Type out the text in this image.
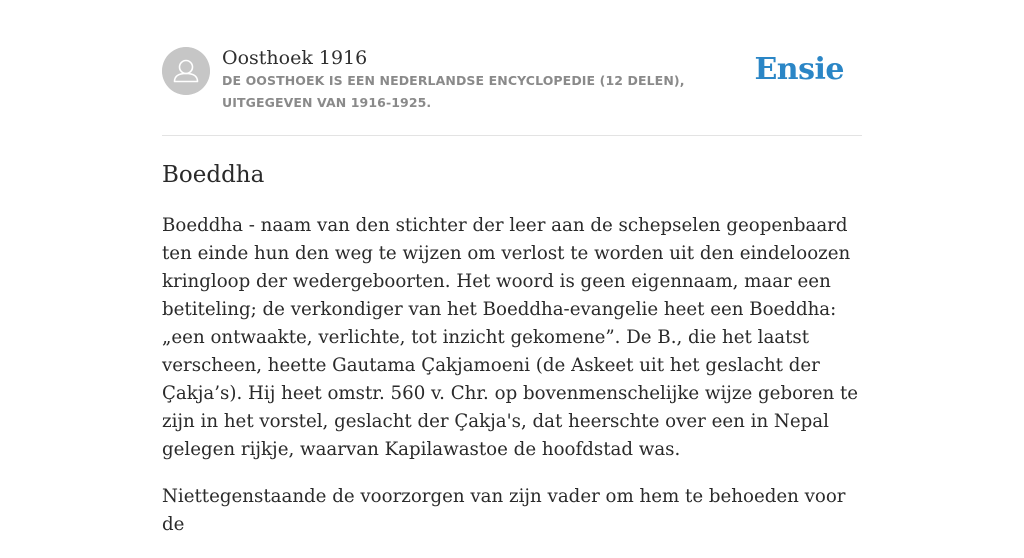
Oosthoek 1916
DE OOSTHOEK IS EEN NEDERLANDSE ENCYCLOPEDIE (12 DELEN), UITGEGEVEN VAN 1916-1925.
Ensie
Boeddha

Boeddha - naam van den stichter der leer aan de schepselen geopenbaard ten einde hun den weg te wijzen om verlost te worden uit den eindeloozen kringloop der wedergeboorten. Het woord is geen eigennaam, maar een betiteling; de verkondiger van het Boeddha-evangelie heet een Boeddha: „een ontwaakte, verlichte, tot inzicht gekomene”. De B., die het laatst verscheen, heette Gautama Çakjamoeni (de Askeet uit het geslacht der Çakja’s). Hij heet omstr. 560 v. Chr. op bovenmenschelijke wijze geboren te zijn in het vorstel, geslacht der Çakja's, dat heerschte over een in Nepal gelegen rijkje, waarvan Kapilawastoe de hoofdstad was.

Niettegenstaande de voorzorgen van zijn vader om hem te behoeden voor de
